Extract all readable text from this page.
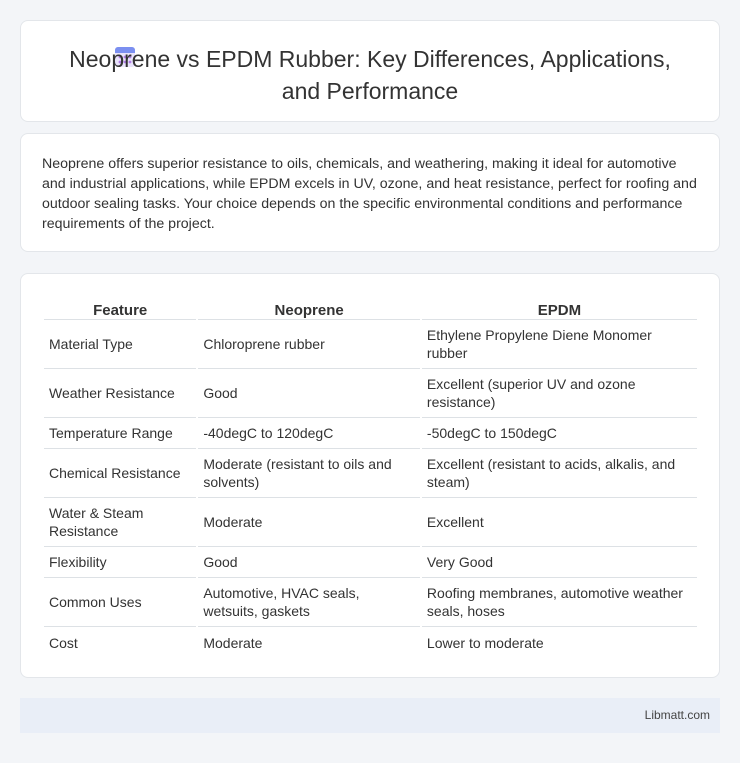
Neoprene vs EPDM Rubber: Key Differences, Applications, and Performance

Neoprene offers superior resistance to oils, chemicals, and weathering, making it ideal for automotive and industrial applications, while EPDM excels in UV, ozone, and heat resistance, perfect for roofing and outdoor sealing tasks. Your choice depends on the specific environmental conditions and performance requirements of the project.

Feature	Neoprene	EPDM
Material Type	Chloroprene rubber	Ethylene Propylene Diene Monomer rubber
Weather Resistance	Good	Excellent (superior UV and ozone resistance)
Temperature Range	-40degC to 120degC	-50degC to 150degC
Chemical Resistance	Moderate (resistant to oils and solvents)	Excellent (resistant to acids, alkalis, and steam)
Water & Steam Resistance	Moderate	Excellent
Flexibility	Good	Very Good
Common Uses	Automotive, HVAC seals, wetsuits, gaskets	Roofing membranes, automotive weather seals, hoses
Cost	Moderate	Lower to moderate
Libmatt.com
